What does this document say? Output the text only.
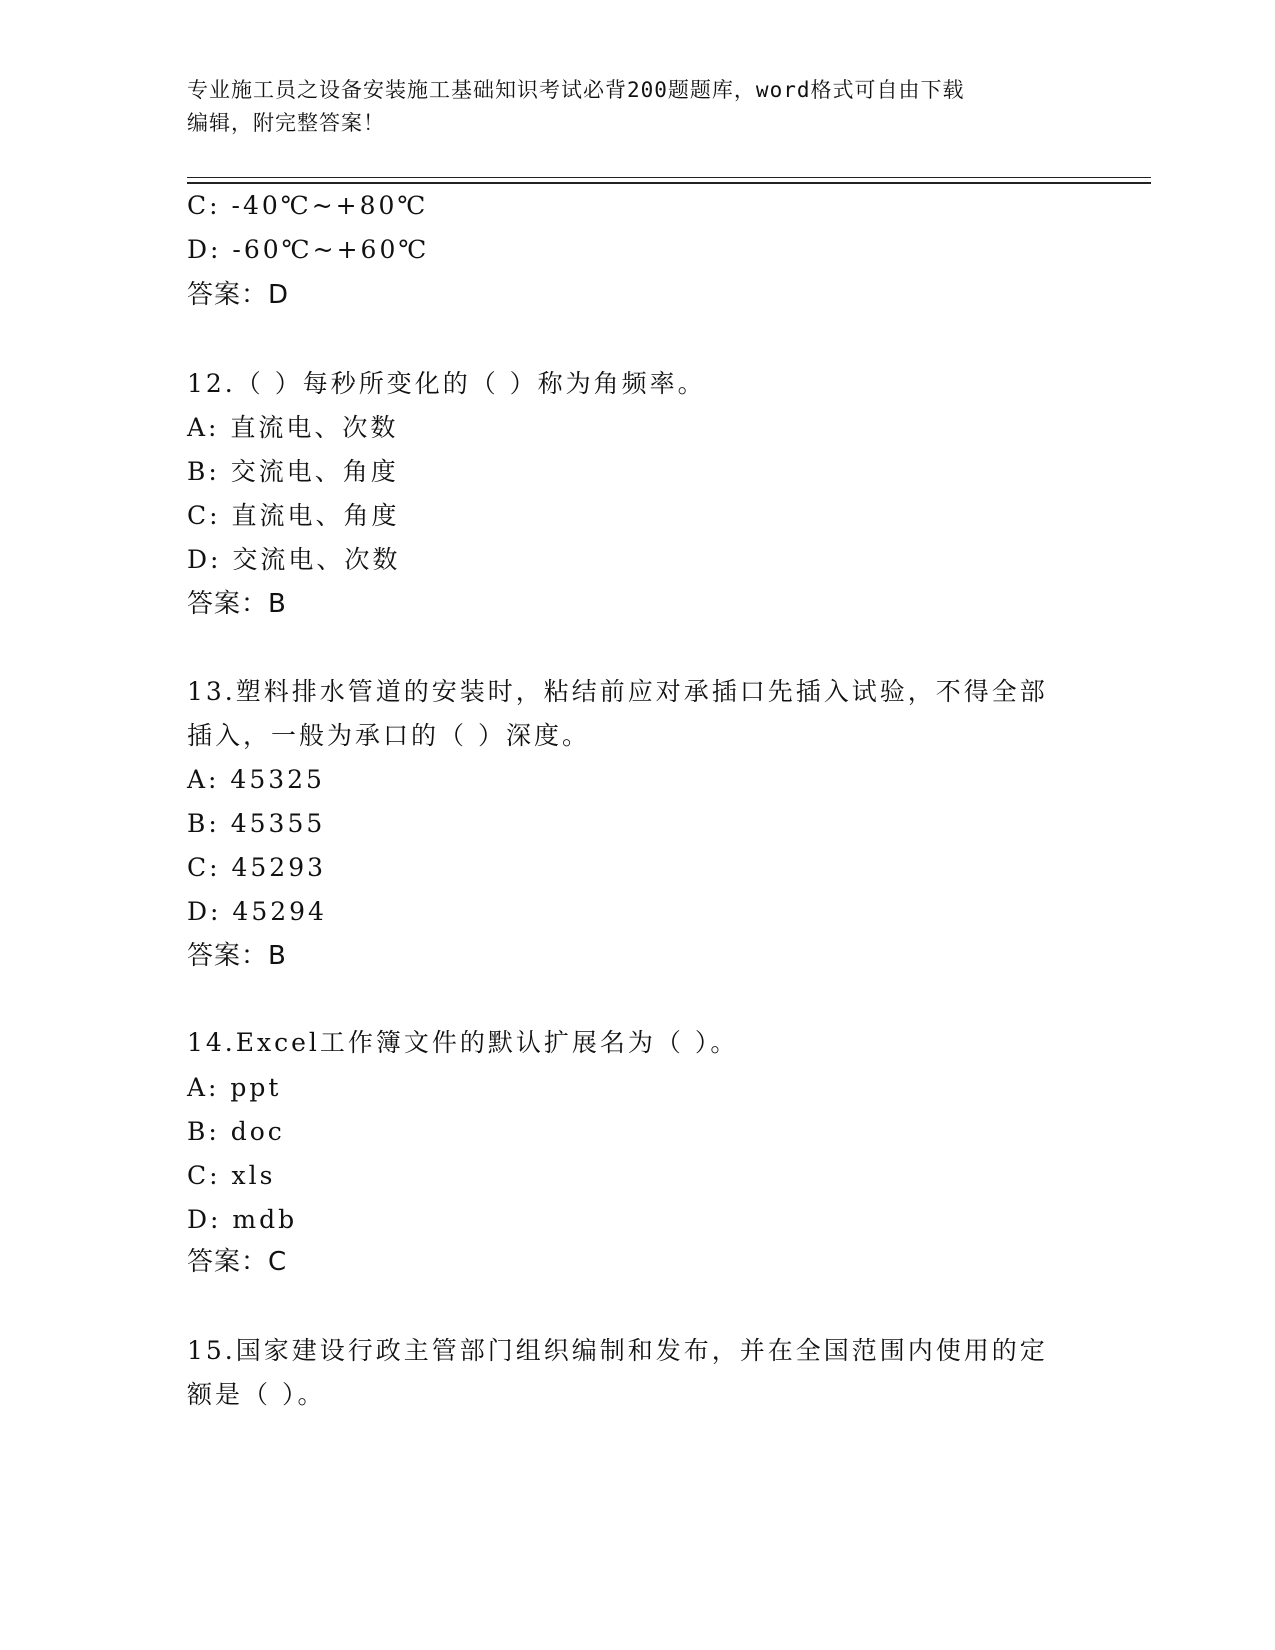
专业施工员之设备安装施工基础知识考试必背200题题库，word格式可自由下载
编辑，附完整答案！
C: -40℃~+80℃
D: -60℃~+60℃
答案：D
12.（ ）每秒所变化的（ ）称为角频率。
A: 直流电、次数
B: 交流电、角度
C: 直流电、角度
D: 交流电、次数
答案：B
13.塑料排水管道的安装时，粘结前应对承插口先插入试验，不得全部
插入，一般为承口的（ ）深度。
A: 45325
B: 45355
C: 45293
D: 45294
答案：B
14.Excel工作簿文件的默认扩展名为（ ）。
A: ppt
B: doc
C: xls
D: mdb
答案：C
15.国家建设行政主管部门组织编制和发布，并在全国范围内使用的定
额是（ ）。
